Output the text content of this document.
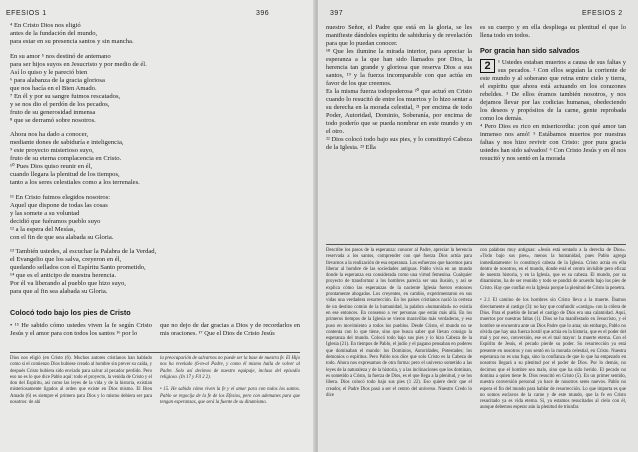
EFESIOS 1	396
⁴ En Cristo Dios nos eligió
antes de la fundación del mundo,
para estar en su presencia santos y sin mancha.
En su amor ⁵ nos destinó de antemano
para ser hijos suyos en Jesucristo y por medio de él.
Así lo quiso y le pareció bien
⁶ para alabanza de la gracia gloriosa
que nos hacía en el Bien Amado.
⁷ En él y por su sangre fuimos rescatados,
y se nos dio el perdón de los pecados,
fruto de su generosidad inmensa
⁸ que se derramó sobre nosotros.
Ahora nos ha dado a conocer,
mediante dones de sabiduría e inteligencia,
⁹ este proyecto misterioso suyo,
fruto de su eterna complacencia en Cristo.
¹⁰ Pues Dios quiso reunir en él,
cuando llegara la plenitud de los tiempos,
tanto a los seres celestiales como a los terrenales.
¹¹ En Cristo fuimos elegidos nosotros:
Aquel que dispone de todas las cosas
y las somete a su voluntad
decidió que fuéramos pueblo suyo
¹² a la espera del Mesías,
con el fin de que sea alabada su Gloria.
¹³ También ustedes, al escuchar la Palabra de la Verdad,
el Evangelio que los salva, creyeron en él,
quedando sellados con el Espíritu Santo prometido,
¹⁴ que es el anticipo de nuestra herencia.
Por él va liberando al pueblo que hizo suyo,
para que al fin sea alabada su Gloria.
Colocó todo bajo los pies de Cristo
• ¹⁵ He sabido cómo ustedes viven la fe según Cristo Jesús y el amor para con todos los santos ¹⁶ por lo
que no dejo de dar gracias a Dios y de recordarlos en mis oraciones. ¹⁷ Que el Dios de Cristo Jesús
Dios nos eligió (en Cristo (6). Muchos autores cristianos han hablado como si el comienzo Dios hubiese creado al hombre sin prever su caída, y después Cristo hubiera sido enviado para salvar al pecador perdido. Pero eso no es lo que dice Pablo aquí: todo el proyecto, la venida de Cristo y el don del Espíritu, así como las leyes de la vida y de la historia, existían misteriosamente ligados al orden que existe en Dios mismo. El Bien Amado (6) es siempre el primero para Dios y lo mismo debiera ser para nosotros: de ahí
la preocupación de salvarnos no puede ser la base de nuestra fe. El Hijo nos ha revelado (6-m-al Padre, y como él mismo halla de volver al Padre. Solo así decimos de nuestro equipaje, incluso del episodio religioso. (In 17 y Fil 2 2).

• 15. He sabido cómo viven la fe y el amor para con todos los santos. Pablo se regocija de la fe de los Efesios, pero con ademanes para que tengan esperanzas, que será la fuente de su dinamismo.
397	EFESIOS 2
nuestro Señor, el Padre que está en la gloria, se les manifieste dándoles espíritu de sabiduría y de revelación para que lo puedan conocer.
¹⁸ Que les ilumine la mirada interior, para apreciar la esperanza a la que han sido llamados por Dios, la herencia tan grande y gloriosa que reserva Dios a sus santos, ¹⁹ y la fuerza incomparable con que actúa en favor de los que creemos.
Es la misma fuerza todopoderosa ²⁰ que actuó en Cristo cuando lo resucitó de entre los muertos y lo hizo sentar a su derecha en la morada celestial, ²¹ por encima de todo Poder, Autoridad, Dominio, Soberanía, por encima de todo poderío que se pueda nombrar en este mundo y en el otro.
²² Dios colocó todo bajo sus pies, y lo constituyó Cabeza de la Iglesia. ²³ Ella
es su cuerpo y en ella despliega su plenitud el que lo llena todo en todos.
Por gracia han sido salvados
2	¹ Ustedes estaban muertos a causa de sus faltas y sus pecados. ² Con ellos seguían la corriente de este mundo y al soberano que reina entre cielo y tierra, el espíritu que ahora está actuando en los corazones rebeldes. ³ De ellos éramos también nosotros, y nos dejamos llevar por las codicias humanas, obedeciendo los deseos y propósitos de la carne, gente reprobada como los demás.
⁴ Pero Dios es rico en misericordia: ¡con qué amor tan inmenso nos amó! ⁵ Estábamos muertos por nuestras faltas y nos hizo revivir con Cristo: ¡por pura gracia ustedes han sido salvados! ⁶ Con Cristo Jesús y en él nos resucitó y nos sentó en la morada
Describe los pasos de la esperanza: conocer al Padre, apreciar la herencia reservada a los santos, comprender con qué fuerza Dios actúa para llevarnos a la realización de esa esperanza. Los esfuerzos que hacemos para liberar al hombre de las sociedades antiguas. Pablo vivía en un mundo donde la esperanza era considerada como una virtud femenina. Cualquier proyecto de transformar a los hombres parecía ser una ilusión, y así se explica cómo las esperanzas de la naciente Iglesia fueron entonces prontamente ahogadas. Los creyentes, en cambio, experimentaron en sus vidas una verdadera resurrección. En los países cristianos nació la certeza de un destino común de la humanidad, la palabra «humanidad» no existía en ese entonces. En consenso a ver personas que están más allá. En los primeros tiempos de la Iglesia se vieron maravillas más verdaderas, y eso puso en movimiento a todos los pueblos. Desde Cristo, el mundo no se contenta con lo que tiene, sino que busca saber qué llevan consigo la esperanza del mundo. Colocó todo bajo sus pies y lo hizo Cabeza de la Iglesia (21). En tiempos de Pablo, el judío y el pagano pensaban en poderes que dominaban el mundo: los Dominios, Autoridades, Potestades; los demonios o espíritus. Pero Pablo nos dice que solo Cristo es la Cabeza de todo. Ahora nos expresamos de otra forma: pero el universo sometido a las leyes de la naturaleza y de la historia, y a las inclinaciones que los dominan, es sometido a Cristo, la fuerza de Dios, es el que llega a la plenitud, y se los libera. Dios colocó todo bajo sus pies (1 22). Eso quiere decir que el creador, el Padre Dios pasó a ser el centro del universo. Nuestro Credo lo dice
con palabras muy antiguas: «Jesús está sentado a la derecha de Dios». «Todo bajo sus pies», menos la humanidad, pues Pablo agrega inmediatamente: lo constituyó cabeza de la Iglesia. Cristo actúa en ella dentro de nosotros, en el mundo, donde está el centro invisible pero eficaz de nuestra historia, y en la Iglesia, que es su cabeza. El mundo, por su dinamismo, ha de ser reunido y todo se pondrá de acuerdo bajo los pies de Cristo. Hay que confiar en la Iglesia porque la plenitud de Cristo la penetra.

• 2.1 El camino de los hombres sin Cristo lleva a la muerte. Íbamos directamente al castigo (3): no hay que confundir «castigo» con la cólera de Dios. Para el pueblo de Israel el castigo de Dios era una calamidad. Aquí, muertos por nuestras faltas (1). Dios se ha manifestado en Jesucristo, y el hombre se encuentra ante un Dios Padre que lo ama; sin embargo, Pablo no olvida que hay una fuerza hostil que actúa en la historia, que es el poder del mal y por eso, conversión, ese es el mal mayor: la muerte eterna. Con el Espíritu de Jesús, el pecado pierde su poder. Su resurrección ya está presente en nosotros y nos sentó en la morada celestial, en Cristo. Nuestra esperanza no es una fuga, sino la confianza de que lo que ha empezado en nosotros llegará a su plenitud por el poder de Dios. Por lo demás, no decimos que el hombre sea malo, sino que ha sido herido. El pecado no domina a quien tiene fe. Dios resucitó en Cristo (5). En un primer sentido, nuestra conversión personal ya hace de nosotros seres nuevos. Pablo no espera el fin del mundo para hablar de resurrección. Lo que importa es que no somos esclavos de la carne y de este mundo, que la fe en Cristo resucitado ya es vida eterna. Sí, ya estamos resucitados al cielo con él, aunque debemos esperar aún la plenitud de triunfar.
